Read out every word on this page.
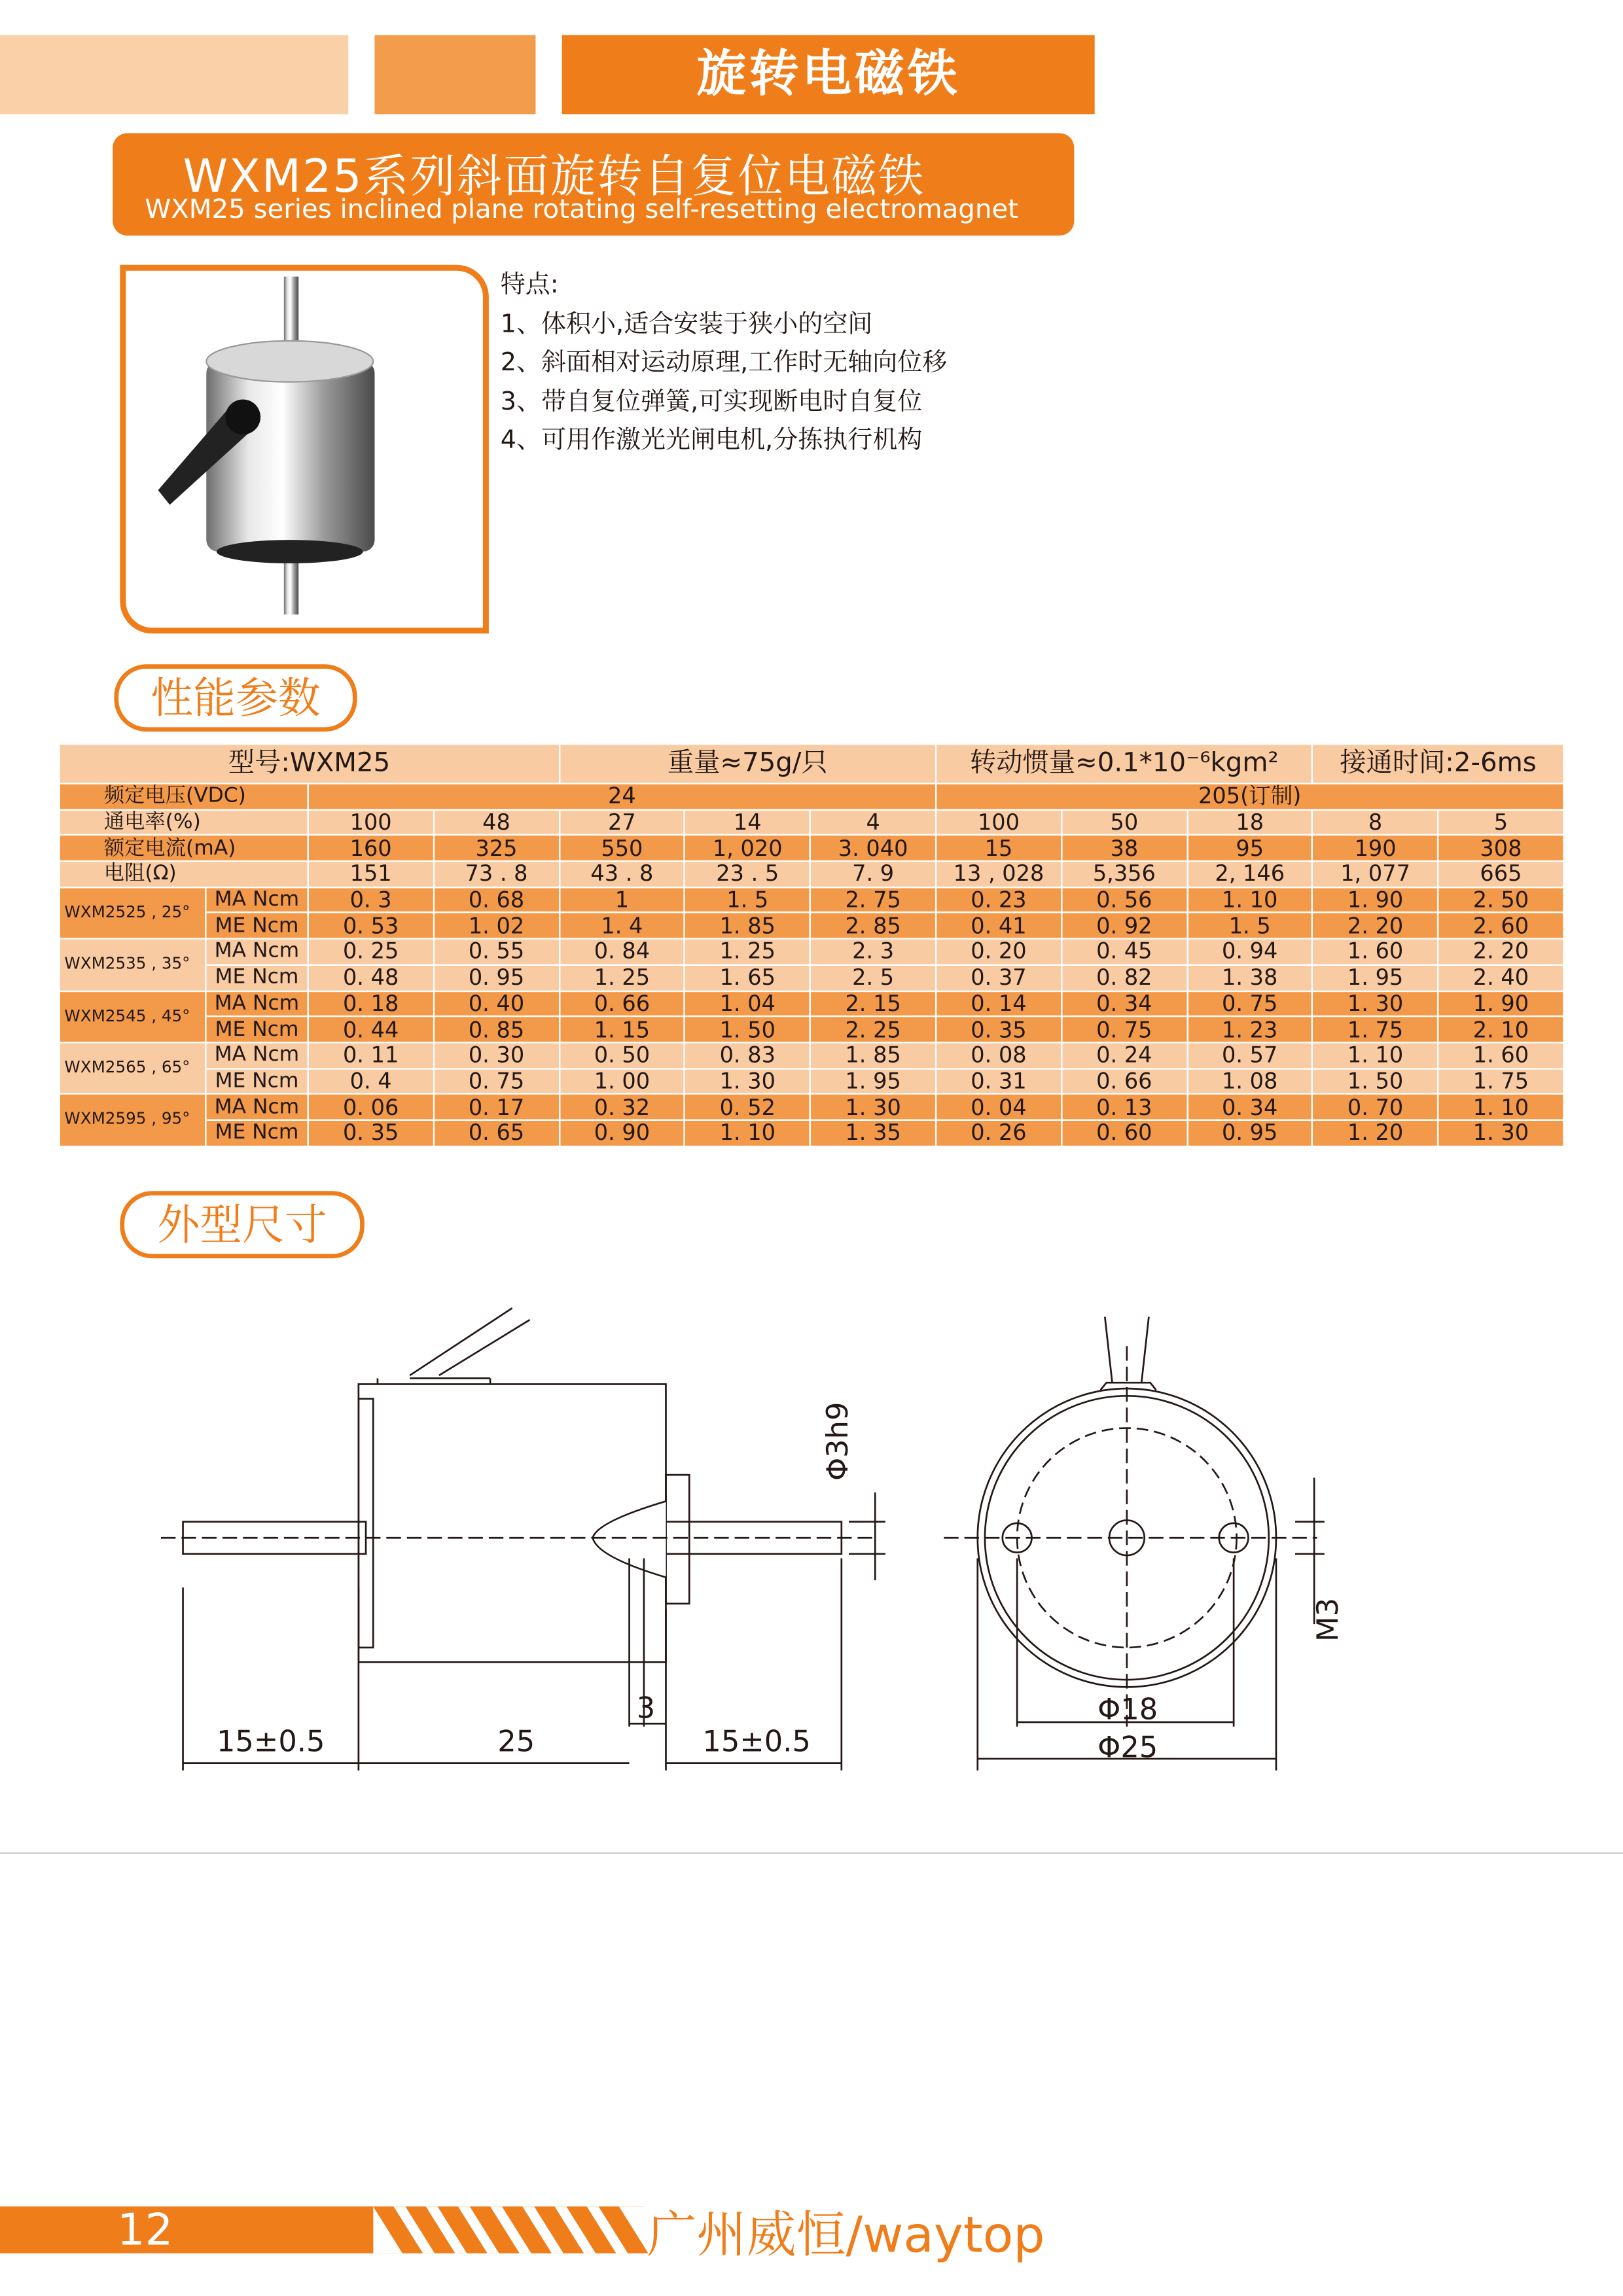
旋转电磁铁
WXM25系列斜面旋转自复位电磁铁
WXM25 series inclined plane rotating self-resetting electromagnet
特点:
1、体积小,适合安装于狭小的空间
2、斜面相对运动原理,工作时无轴向位移
3、带自复位弹簧,可实现断电时自复位
4、可用作激光光闸电机,分拣执行机构
性能参数
型号:WXM25				重量≈75g/只			转动惯量≈0.1*10⁻⁶kgm²			接通时间:2-6ms	
频定电压(VDC)		24					205(订制)				
通电率(%)		100	48	27	14	4	100	50	18	8	5
额定电流(mA)		160	325	550	1, 020	3. 040	15	38	95	190	308
电阻(Ω)		151	73 . 8	43 . 8	23 . 5	7. 9	13 , 028	5,356	2, 146	1, 077	665
WXM2525 , 25°	MA Ncm	0. 3	0. 68	1	1. 5	2. 75	0. 23	0. 56	1. 10	1. 90	2. 50
	ME Ncm	0. 53	1. 02	1. 4	1. 85	2. 85	0. 41	0. 92	1. 5	2. 20	2. 60
WXM2535 , 35°	MA Ncm	0. 25	0. 55	0. 84	1. 25	2. 3	0. 20	0. 45	0. 94	1. 60	2. 20
	ME Ncm	0. 48	0. 95	1. 25	1. 65	2. 5	0. 37	0. 82	1. 38	1. 95	2. 40
WXM2545 , 45°	MA Ncm	0. 18	0. 40	0. 66	1. 04	2. 15	0. 14	0. 34	0. 75	1. 30	1. 90
	ME Ncm	0. 44	0. 85	1. 15	1. 50	2. 25	0. 35	0. 75	1. 23	1. 75	2. 10
WXM2565 , 65°	MA Ncm	0. 11	0. 30	0. 50	0. 83	1. 85	0. 08	0. 24	0. 57	1. 10	1. 60
	ME Ncm	0. 4	0. 75	1. 00	1. 30	1. 95	0. 31	0. 66	1. 08	1. 50	1. 75
WXM2595 , 95°	MA Ncm	0. 06	0. 17	0. 32	0. 52	1. 30	0. 04	0. 13	0. 34	0. 70	1. 10
	ME Ncm	0. 35	0. 65	0. 90	1. 10	1. 35	0. 26	0. 60	0. 95	1. 20	1. 30
外型尺寸
15±0.5	25
3
15±0.5
Φ3h9
M3
Φ18
Φ25
12	广州威恒/waytop
